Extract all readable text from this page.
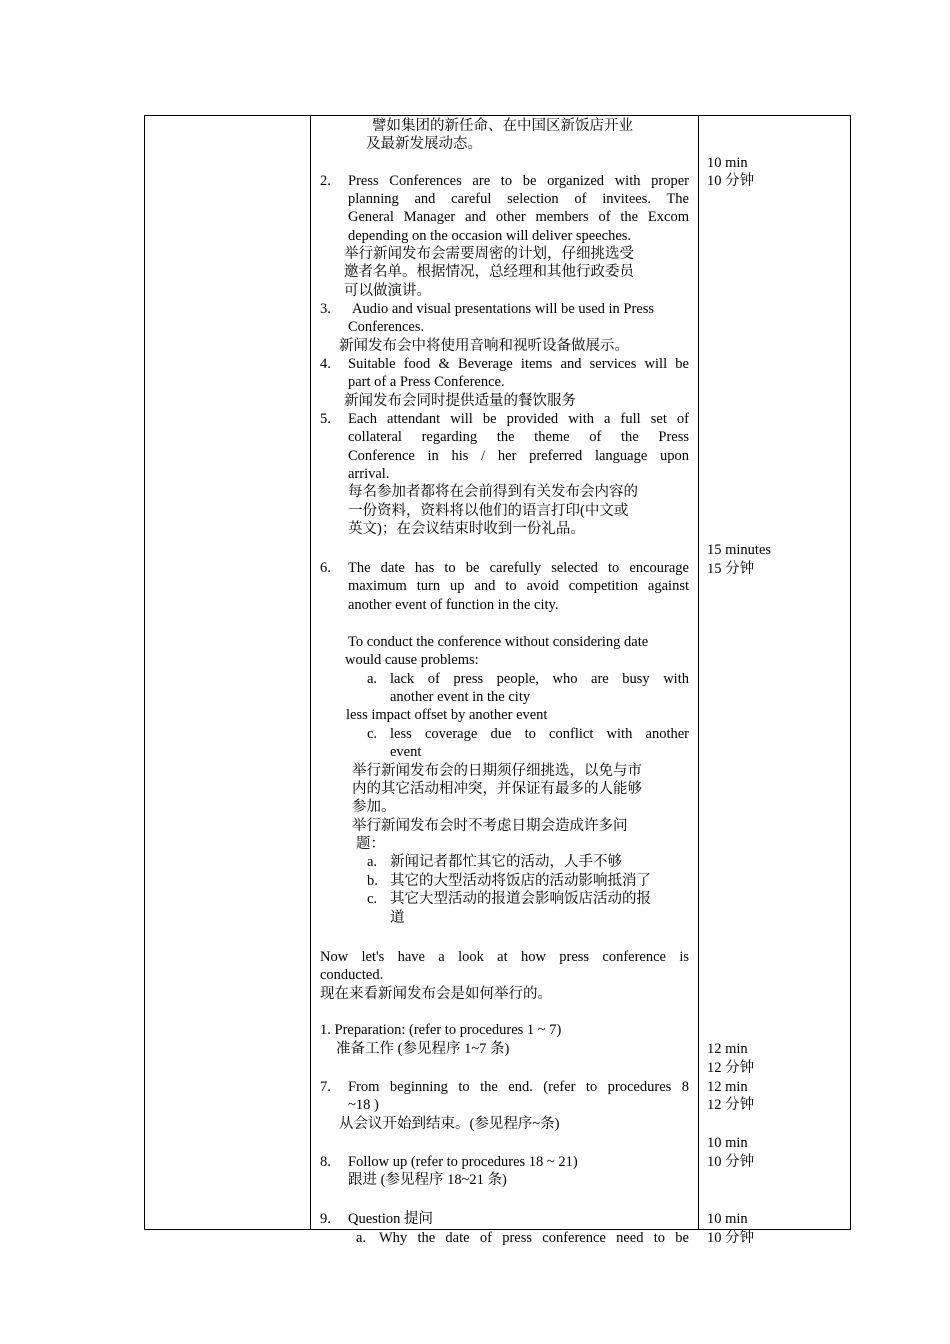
譬如集团的新任命、在中国区新饭店开业
及最新发展动态。
2. Press Conferences are to be organized with proper
planning and careful selection of invitees. The
General Manager and other members of the Excom
depending on the occasion will deliver speeches.
举行新闻发布会需要周密的计划，仔细挑选受
邀者名单。根据情况，总经理和其他行政委员
可以做演讲。
3. Audio and visual presentations will be used in Press
Conferences.
新闻发布会中将使用音响和视听设备做展示。
4. Suitable food & Beverage items and services will be
part of a Press Conference.
新闻发布会同时提供适量的餐饮服务
5. Each attendant will be provided with a full set of
collateral regarding the theme of the Press
Conference in his / her preferred language upon
arrival.
每名参加者都将在会前得到有关发布会内容的
一份资料，资料将以他们的语言打印(中文或
英文)；在会议结束时收到一份礼品。
6. The date has to be carefully selected to encourage
maximum turn up and to avoid competition against
another event of function in the city.
To conduct the conference without considering date
would cause problems:
a. lack of press people, who are busy with
another event in the city
less impact offset by another event
c. less coverage due to conflict with another
event
举行新闻发布会的日期须仔细挑选，以免与市
内的其它活动相冲突，并保证有最多的人能够
参加。
举行新闻发布会时不考虑日期会造成许多问
题：
a. 新闻记者都忙其它的活动，人手不够
b. 其它的大型活动将饭店的活动影响抵消了
c. 其它大型活动的报道会影响饭店活动的报
道
Now let's have a look at how press conference is
conducted.
现在来看新闻发布会是如何举行的。
1. Preparation: (refer to procedures 1 ~ 7)
准备工作 (参见程序 1~7 条)
7. From beginning to the end. (refer to procedures 8
~18 )
从会议开始到结束。(参见程序~条)
8. Follow up (refer to procedures 18 ~ 21)
跟进 (参见程序 18~21 条)
9. Question 提问
a. Why the date of press conference need to be
10 min
10 分钟
15 minutes
15 分钟
12 min
12 分钟
12 min
12 分钟
10 min
10 分钟
10 min
10 分钟
